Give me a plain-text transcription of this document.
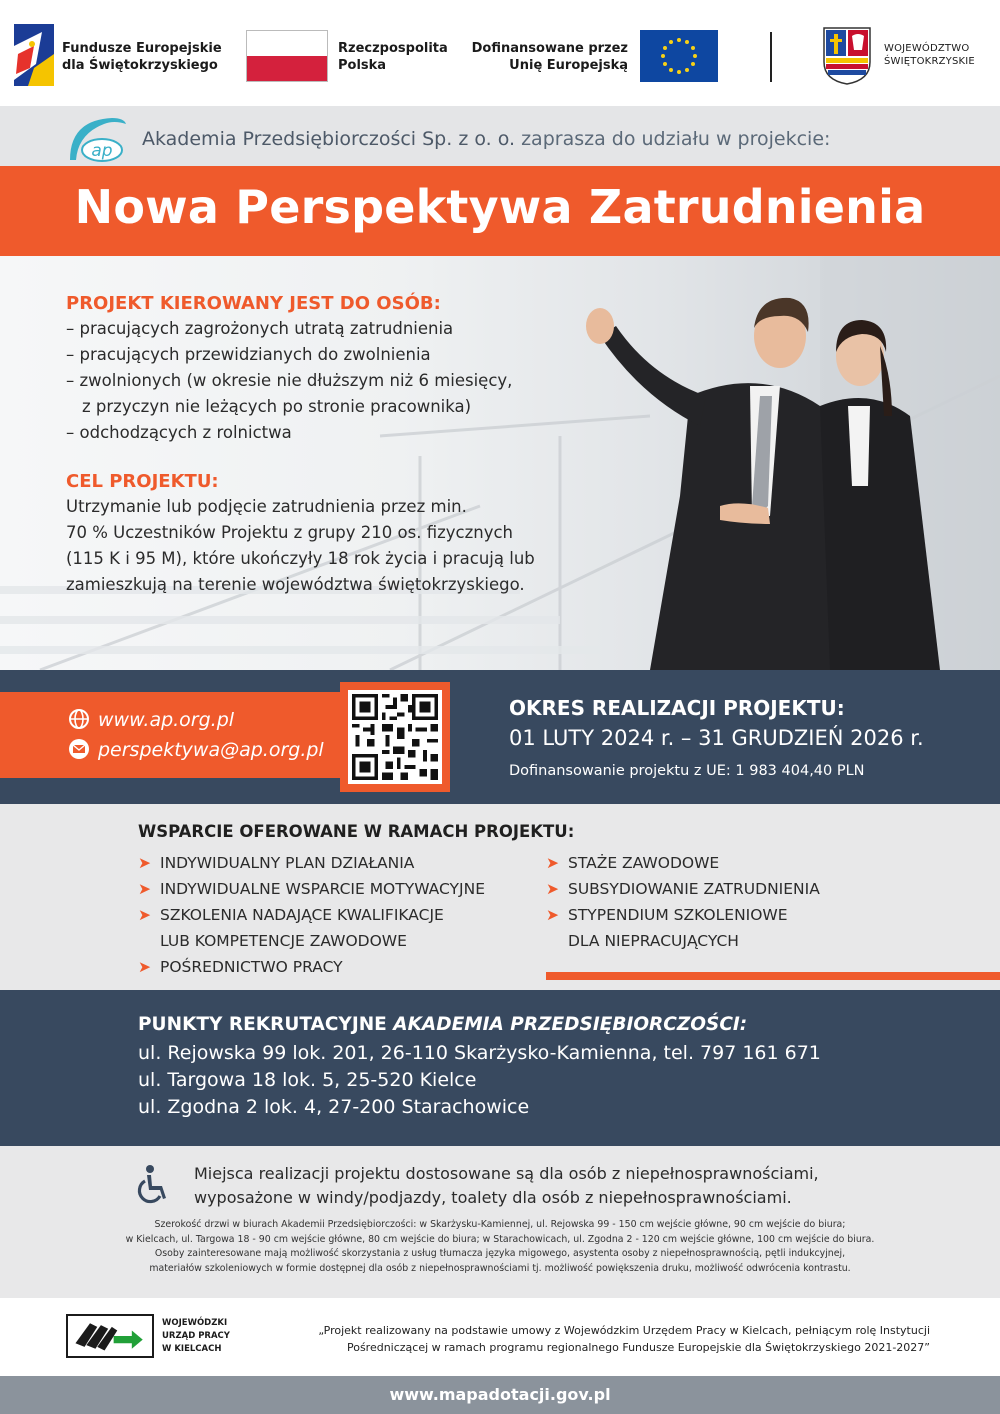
Fundusze Europejskie
dla Świętokrzyskiego
Rzeczpospolita
Polska
Dofinansowane przez
Unię Europejską
WOJEWÓDZTWO
ŚWIĘTOKRZYSKIE
ap
Akademia Przedsiębiorczości Sp. z o. o. zaprasza do udziału w projekcie:
Nowa Perspektywa Zatrudnienia
PROJEKT KIEROWANY JEST DO OSÓB:
– pracujących zagrożonych utratą zatrudnienia
– pracujących przewidzianych do zwolnienia
– zwolnionych (w okresie nie dłuższym niż 6 miesięcy,
z przyczyn nie leżących po stronie pracownika)
– odchodzących z rolnictwa
CEL PROJEKTU:
Utrzymanie lub podjęcie zatrudnienia przez min.
70 % Uczestników Projektu z grupy 210 os. fizycznych
(115 K i 95 M), które ukończyły 18 rok życia i pracują lub
zamieszkują na terenie województwa świętokrzyskiego.
www.ap.org.pl
perspektywa@ap.org.pl
OKRES REALIZACJI PROJEKTU:
01 LUTY 2024 r. – 31 GRUDZIEŃ 2026 r.
Dofinansowanie projektu z UE: 1 983 404,40 PLN
WSPARCIE OFEROWANE W RAMACH PROJEKTU:
➤ INDYWIDUALNY PLAN DZIAŁANIA
➤ INDYWIDUALNE WSPARCIE MOTYWACYJNE
➤ SZKOLENIA NADAJĄCE KWALIFIKACJE
LUB KOMPETENCJE ZAWODOWE
➤ POŚREDNICTWO PRACY
➤ STAŻE ZAWODOWE
➤ SUBSYDIOWANIE ZATRUDNIENIA
➤ STYPENDIUM SZKOLENIOWE
DLA NIEPRACUJĄCYCH
PUNKTY REKRUTACYJNE AKADEMIA PRZEDSIĘBIORCZOŚCI:
ul. Rejowska 99 lok. 201, 26-110 Skarżysko-Kamienna, tel. 797 161 671
ul. Targowa 18 lok. 5, 25-520 Kielce
ul. Zgodna 2 lok. 4, 27-200 Starachowice
Miejsca realizacji projektu dostosowane są dla osób z niepełnosprawnościami,
wyposażone w windy/podjazdy, toalety dla osób z niepełnosprawnościami.
Szerokość drzwi w biurach Akademii Przedsiębiorczości: w Skarżysku-Kamiennej, ul. Rejowska 99 - 150 cm wejście główne, 90 cm wejście do biura;
w Kielcach, ul. Targowa 18 - 90 cm wejście główne, 80 cm wejście do biura; w Starachowicach, ul. Zgodna 2 - 120 cm wejście główne, 100 cm wejście do biura.
Osoby zainteresowane mają możliwość skorzystania z usług tłumacza języka migowego, asystenta osoby z niepełnosprawnością, pętli indukcyjnej,
materiałów szkoleniowych w formie dostępnej dla osób z niepełnosprawnościami tj. możliwość powiększenia druku, możliwość odwrócenia kontrastu.
WOJEWÓDZKI
URZĄD PRACY
W KIELCACH
„Projekt realizowany na podstawie umowy z Wojewódzkim Urzędem Pracy w Kielcach, pełniącym rolę Instytucji
Pośredniczącej w ramach programu regionalnego Fundusze Europejskie dla Świętokrzyskiego 2021-2027”
www.mapadotacji.gov.pl
